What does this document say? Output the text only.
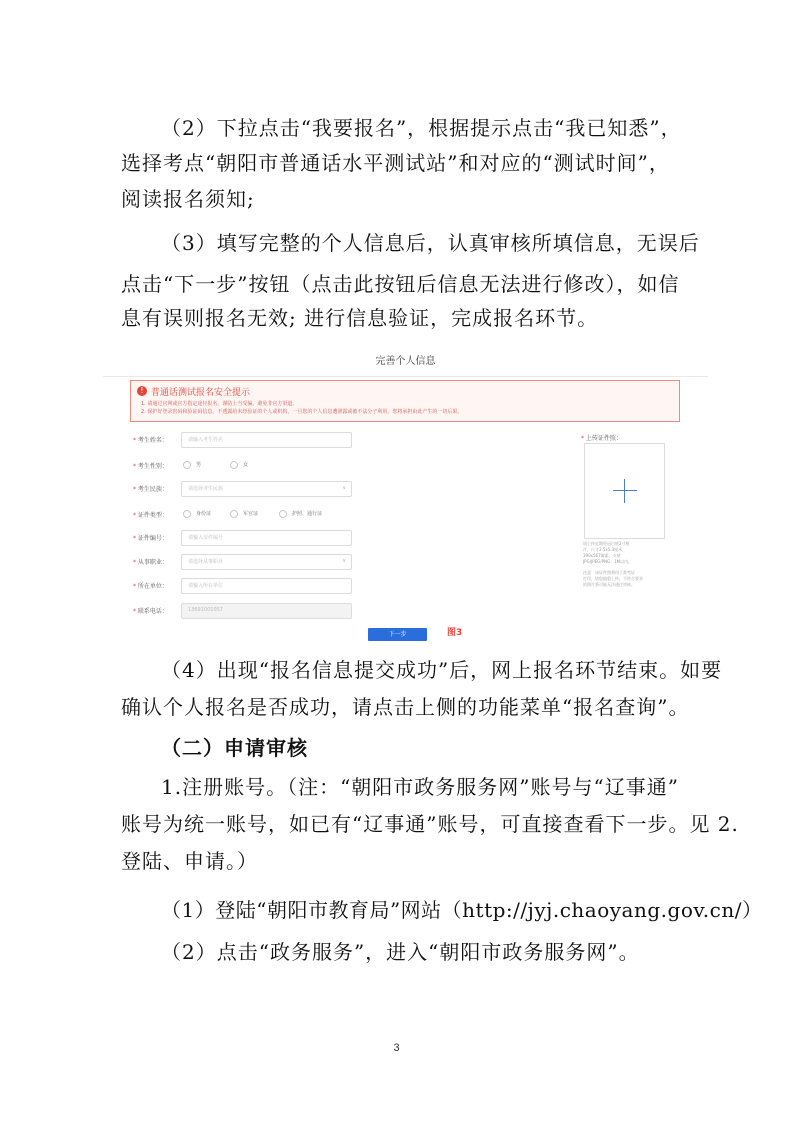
（2）下拉点击“我要报名”，根据提示点击“我已知悉”，
选择考点“朝阳市普通话水平测试站”和对应的“测试时间”，
阅读报名须知;
（3）填写完整的个人信息后，认真审核所填信息，无误后
点击“下一步”按钮（点击此按钮后信息无法进行修改），如信
息有误则报名无效; 进行信息验证，完成报名环节。
完善个人信息
! 普通话测试报名安全提示
1. 请通过官网或官方指定途径报名，谨防上当受骗，避免非官方渠道。
2. 保护好登录密码和验证码信息，不透露给未经验证的个人或机构，一旦您的个人信息遭泄露或被不法分子利用，您将承担由此产生的一切后果。
* 考生姓名：	请输入考生姓名
* 考生性别：	男	女
* 考生民族：	请选择考生民族	∨
* 证件类型：	身份证	军官证	护照、通行证
* 证件编号：	请输入证件编号
* 从事职业：	请选择从事职业	∨
* 所在单位：	请输入所在单位
* 联系电话：	13691001057
* 上传证件照：
请上传近期免冠白底2寸照
片，尺寸3.5x5.3厘米，
390x567像素，支持
JPG/JPEG/PNG；1M以内。
注意：该证件照将用于准考证
打印，请您慎重上传，不符合要求
的照片将可能无法通过审核。
下一步	图3
（4）出现“报名信息提交成功”后，网上报名环节结束。如要
确认个人报名是否成功，请点击上侧的功能菜单“报名查询”。
（二）申请审核
1.注册账号。（注：“朝阳市政务服务网”账号与“辽事通”
账号为统一账号，如已有“辽事通”账号，可直接查看下一步。见 2.
登陆、申请。）
（1）登陆“朝阳市教育局”网站（http://jyj.chaoyang.gov.cn/）
（2）点击“政务服务”，进入“朝阳市政务服务网”。
3
